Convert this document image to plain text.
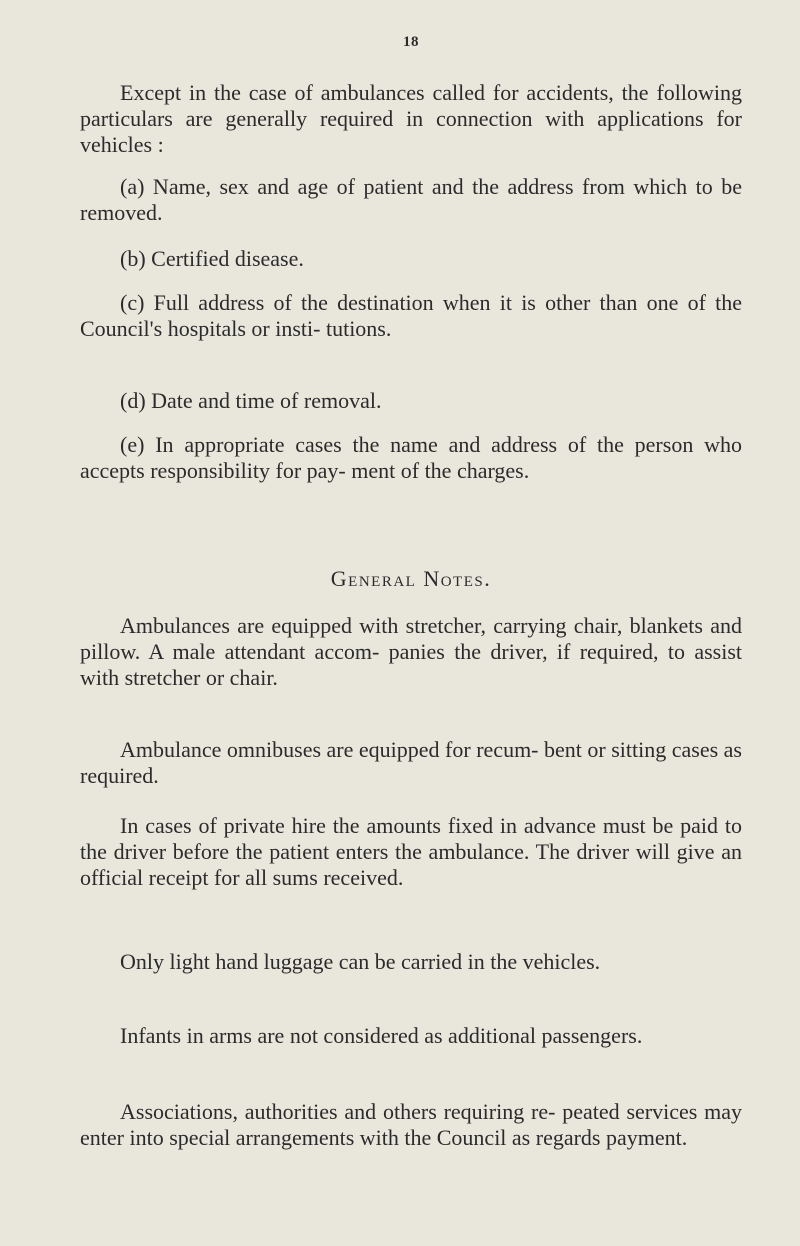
18

Except in the case of ambulances called for accidents, the following particulars are generally required in connection with applications for vehicles :

(a) Name, sex and age of patient and the address from which to be removed.

(b) Certified disease.

(c) Full address of the destination when it is other than one of the Council's hospitals or insti- tutions.

(d) Date and time of removal.

(e) In appropriate cases the name and address of the person who accepts responsibility for pay- ment of the charges.

General Notes.

Ambulances are equipped with stretcher, carrying chair, blankets and pillow. A male attendant accom- panies the driver, if required, to assist with stretcher or chair.

Ambulance omnibuses are equipped for recum- bent or sitting cases as required.

In cases of private hire the amounts fixed in advance must be paid to the driver before the patient enters the ambulance. The driver will give an official receipt for all sums received.

Only light hand luggage can be carried in the vehicles.

Infants in arms are not considered as additional passengers.

Associations, authorities and others requiring re- peated services may enter into special arrangements with the Council as regards payment.
